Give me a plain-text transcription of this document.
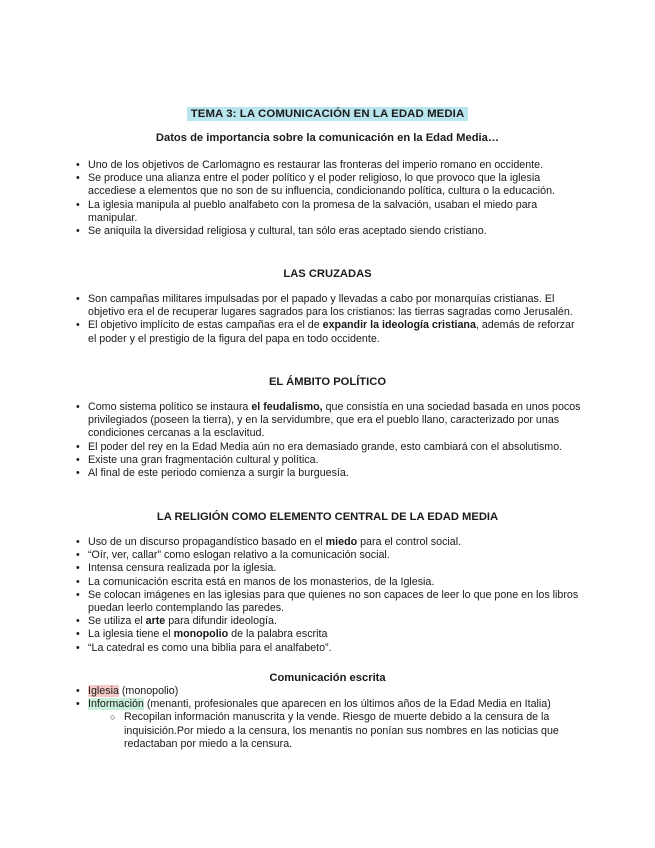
TEMA 3: LA COMUNICACIÓN EN LA EDAD MEDIA
Datos de importancia sobre la comunicación en la Edad Media…
• Uno de los objetivos de Carlomagno es restaurar las fronteras del imperio romano en occidente.
• Se produce una alianza entre el poder político y el poder religioso, lo que provoco que la iglesia accediese a elementos que no son de su influencia, condicionando política, cultura o la educación.
• La iglesia manipula al pueblo analfabeto con la promesa de la salvación, usaban el miedo para manipular.
• Se aniquila la diversidad religiosa y cultural, tan sólo eras aceptado siendo cristiano.
LAS CRUZADAS
• Son campañas militares impulsadas por el papado y llevadas a cabo por monarquías cristianas. El objetivo era el de recuperar lugares sagrados para los cristianos: las tierras sagradas como Jerusalén.
• El objetivo implícito de estas campañas era el de expandir la ideología cristiana, además de reforzar el poder y el prestigio de la figura del papa en todo occidente.
EL ÁMBITO POLÍTICO
• Como sistema político se instaura el feudalismo, que consistía en una sociedad basada en unos pocos privilegiados (poseen la tierra), y en la servidumbre, que era el pueblo llano, caracterizado por unas condiciones cercanas a la esclavitud.
• El poder del rey en la Edad Media aún no era demasiado grande, esto cambiará con el absolutismo.
• Existe una gran fragmentación cultural y política.
• Al final de este periodo comienza a surgir la burguesía.
LA RELIGIÓN COMO ELEMENTO CENTRAL DE LA EDAD MEDIA
• Uso de un discurso propagandístico basado en el miedo para el control social.
• “Oír, ver, callar” como eslogan relativo a la comunicación social.
• Intensa censura realizada por la iglesia.
• La comunicación escrita está en manos de los monasterios, de la Iglesia.
• Se colocan imágenes en las iglesias para que quienes no son capaces de leer lo que pone en los libros puedan leerlo contemplando las paredes.
• Se utiliza el arte para difundir ideología.
• La iglesia tiene el monopolio de la palabra escrita
• “La catedral es como una biblia para el analfabeto”.
Comunicación escrita
• Iglesia (monopolio)
• Información (menanti, profesionales que aparecen en los últimos años de la Edad Media en Italia)
○ Recopilan información manuscrita y la vende. Riesgo de muerte debido a la censura de la inquisición.Por miedo a la censura, los menantis no ponían sus nombres en las noticias que redactaban por miedo a la censura.
